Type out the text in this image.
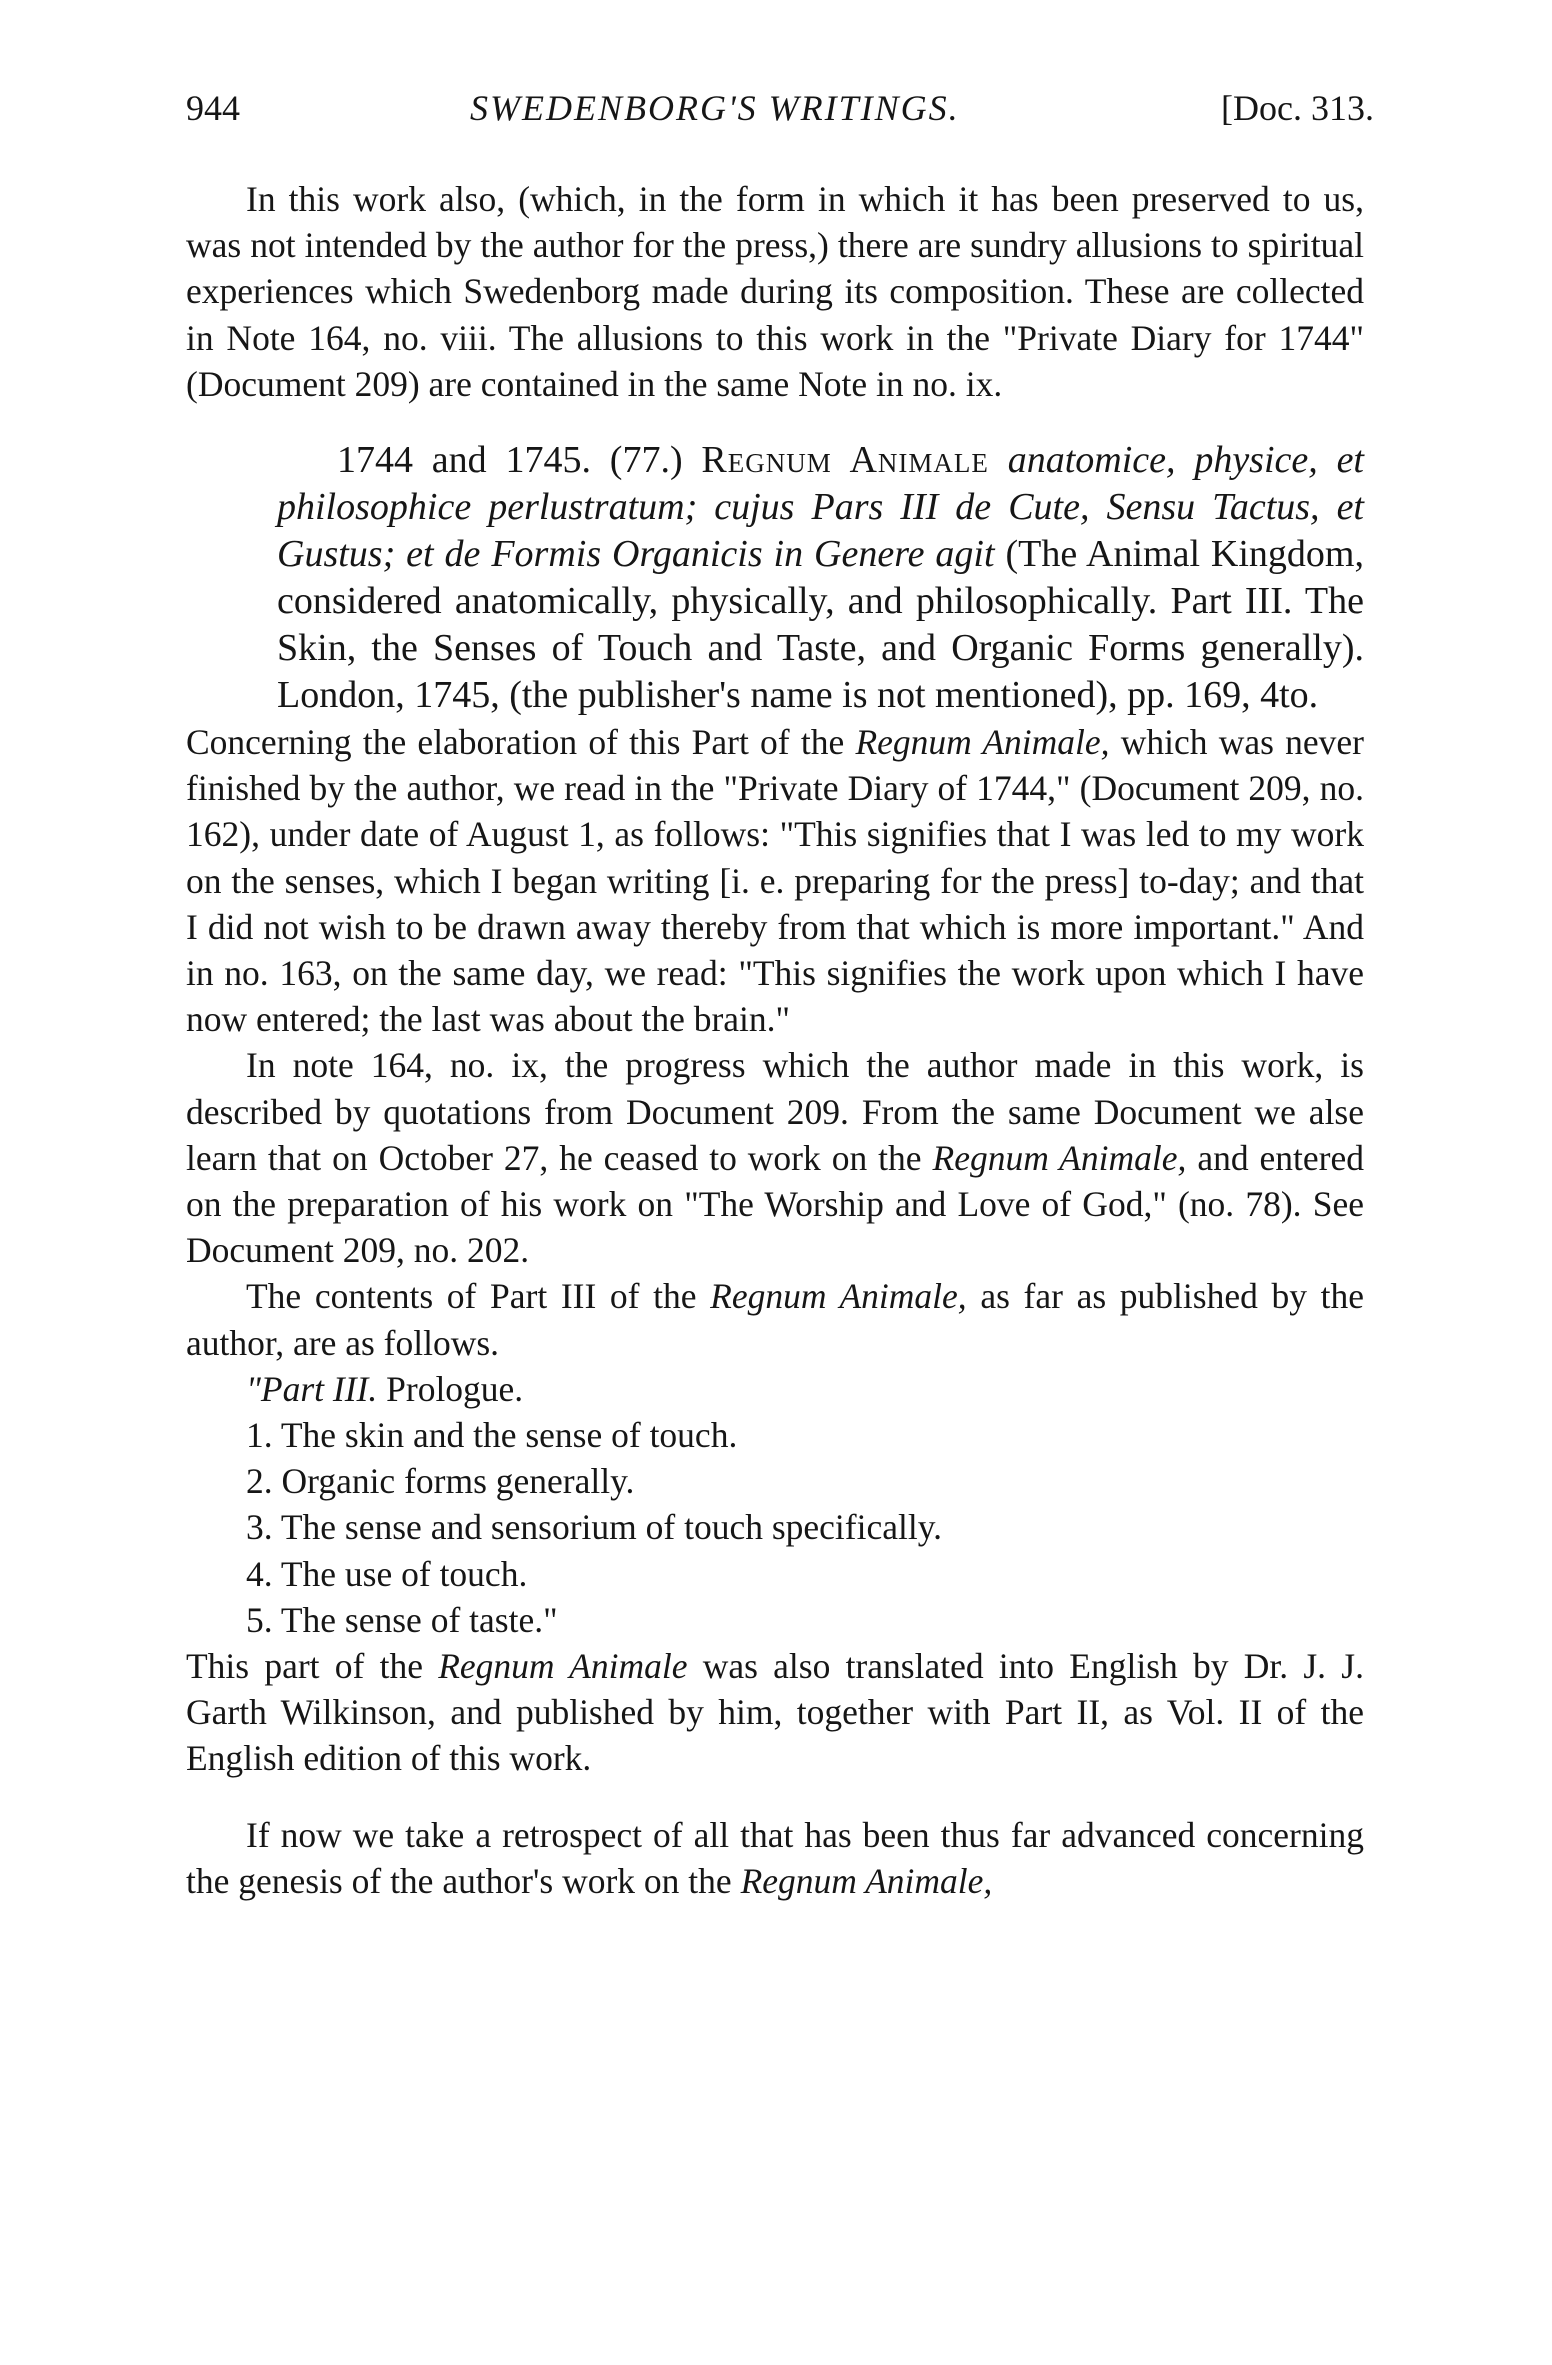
944	SWEDENBORG'S WRITINGS.	[Doc. 313.

In this work also, (which, in the form in which it has been preserved to us, was not intended by the author for the press,) there are sundry allusions to spiritual experiences which Swedenborg made during its composition. These are collected in Note 164, no. viii. The allusions to this work in the "Private Diary for 1744" (Document 209) are contained in the same Note in no. ix.

1744 and 1745. (77.) Regnum Animale anatomice, physice, et philosophice perlustratum; cujus Pars III de Cute, Sensu Tactus, et Gustus; et de Formis Organicis in Genere agit (The Animal Kingdom, considered anatomically, physically, and philosophically. Part III. The Skin, the Senses of Touch and Taste, and Organic Forms generally). London, 1745, (the publisher's name is not mentioned), pp. 169, 4to.

Concerning the elaboration of this Part of the Regnum Animale, which was never finished by the author, we read in the "Private Diary of 1744," (Document 209, no. 162), under date of August 1, as follows: "This signifies that I was led to my work on the senses, which I began writing [i. e. preparing for the press] to-day; and that I did not wish to be drawn away thereby from that which is more important." And in no. 163, on the same day, we read: "This signifies the work upon which I have now entered; the last was about the brain."

In note 164, no. ix, the progress which the author made in this work, is described by quotations from Document 209. From the same Document we alse learn that on October 27, he ceased to work on the Regnum Animale, and entered on the preparation of his work on "The Worship and Love of God," (no. 78). See Document 209, no. 202.

The contents of Part III of the Regnum Animale, as far as published by the author, are as follows.

"Part III. Prologue.

1. The skin and the sense of touch.
2. Organic forms generally.
3. The sense and sensorium of touch specifically.
4. The use of touch.
5. The sense of taste."

This part of the Regnum Animale was also translated into English by Dr. J. J. Garth Wilkinson, and published by him, together with Part II, as Vol. II of the English edition of this work.

If now we take a retrospect of all that has been thus far advanced concerning the genesis of the author's work on the Regnum Animale,
